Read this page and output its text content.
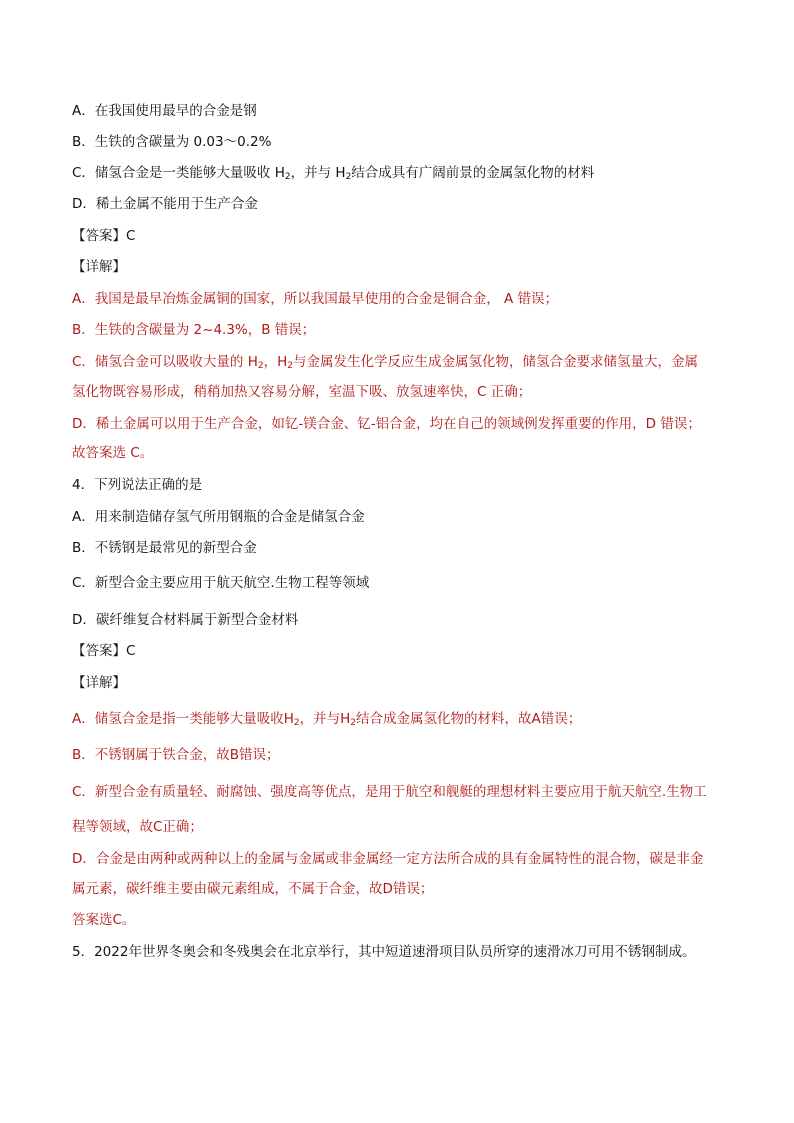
A．在我国使用最早的合金是钢
B．生铁的含碳量为 0.03～0.2%
C．储氢合金是一类能够大量吸收 $H_2$，并与 $H_2$结合成具有广阔前景的金属氢化物的材料
D．稀土金属不能用于生产合金
【答案】C
【详解】
A．我国是最早冶炼金属铜的国家，所以我国最早使用的合金是铜合金， A 错误；
B．生铁的含碳量为 2~4.3%，B 错误；
C．储氢合金可以吸收大量的 $H_2$，$H_2$与金属发生化学反应生成金属氢化物，储氢合金要求储氢量大，金属
氢化物既容易形成，稍稍加热又容易分解，室温下吸、放氢速率快，C 正确；
D．稀土金属可以用于生产合金，如钇-镁合金、钇-铝合金，均在自己的领域例发挥重要的作用，D 错误；
故答案选 C。
4．下列说法正确的是
A．用来制造储存氢气所用钢瓶的合金是储氢合金
B．不锈钢是最常见的新型合金
C．新型合金主要应用于航天航空.生物工程等领域
D．碳纤维复合材料属于新型合金材料
【答案】C
【详解】
A．储氢合金是指一类能够大量吸收$H_2$，并与$H_2$结合成金属氢化物的材料，故A错误；
B．不锈钢属于铁合金，故B错误；
C．新型合金有质量轻、耐腐蚀、强度高等优点，是用于航空和舰艇的理想材料主要应用于航天航空.生物工
程等领域，故C正确；
D．合金是由两种或两种以上的金属与金属或非金属经一定方法所合成的具有金属特性的混合物，碳是非金
属元素，碳纤维主要由碳元素组成，不属于合金，故D错误；
答案选C。
5．2022年世界冬奥会和冬残奥会在北京举行，其中短道速滑项目队员所穿的速滑冰刀可用不锈钢制成。
